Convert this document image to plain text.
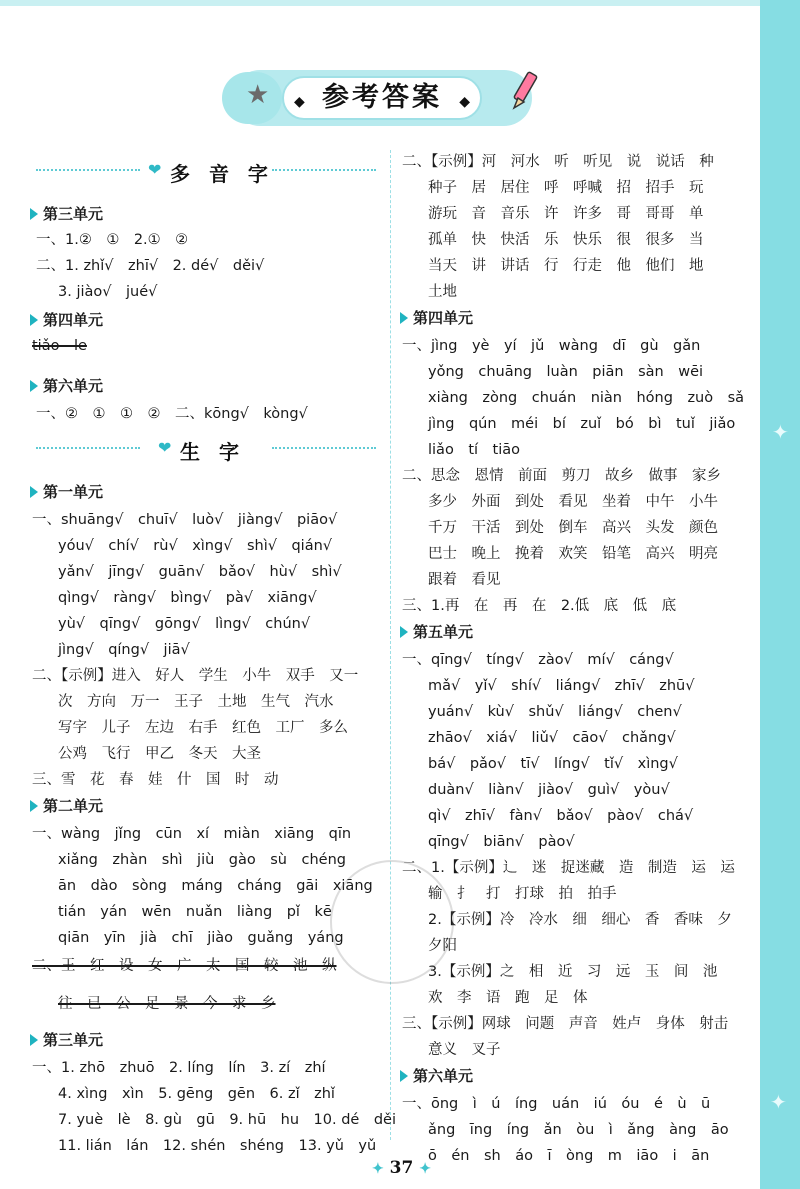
✦
✦
★ ◆ 参考答案 ◆
❤ 多 音 字
❤ 生 字
第三单元
一、1.②　①　2.①　②
二、1. zhǐ√　zhī√　2. dé√　děi√
3. jiào√　jué√
第四单元
tiǎo　le
第六单元
一、②　①　①　②　二、kōng√　kòng√
第一单元
一、shuāng√　chuī√　luò√　jiàng√　piāo√
yóu√　chí√　rù√　xìng√　shì√　qián√
yǎn√　jīng√　guān√　bǎo√　hù√　shì√
qìng√　ràng√　bìng√　pà√　xiāng√
yù√　qīng√　gōng√　lìng√　chún√
jìng√　qíng√　jiā√
二、【示例】进入　好人　学生　小牛　双手　又一
次　方向　万一　王子　土地　生气　汽水
写字　儿子　左边　右手　红色　工厂　多么
公鸡　飞行　甲乙　冬天　大圣
三、雪　花　春　娃　什　国　时　动
第二单元
一、wàng　jǐng　cūn　xí　miàn　xiāng　qīn
xiǎng　zhàn　shì　jiù　gào　sù　chéng
ān　dào　sòng　máng　cháng　gāi　xiāng
tián　yán　wēn　nuǎn　liàng　pǐ　kē
qiān　yīn　jià　chī　jiào　guǎng　yáng
二、王　红　设　女　广　太　国　较　池　纵
往　已　公　足　景　今　求　乡
第三单元
一、1. zhō　zhuō　2. líng　lín　3. zí　zhí
4. xìng　xìn　5. gēng　gēn　6. zǐ　zhǐ
7. yuè　lè　8. gù　gū　9. hū　hu　10. dé　děi
11. lián　lán　12. shén　shéng　13. yǔ　yǔ
二、【示例】河　河水　听　听见　说　说话　种
种子　居　居住　呼　呼喊　招　招手　玩
游玩　音　音乐　许　许多　哥　哥哥　单
孤单　快　快活　乐　快乐　很　很多　当
当天　讲　讲话　行　行走　他　他们　地
土地
第四单元
一、jìng　yè　yí　jǔ　wàng　dī　gù　gǎn
yǒng　chuāng　luàn　piān　sàn　wēi
xiàng　zòng　chuán　niàn　hóng　zuò　sǎ
jìng　qún　méi　bí　zuǐ　bó　bì　tuǐ　jiǎo
liǎo　tí　tiāo
二、思念　恩情　前面　剪刀　故乡　做事　家乡
多少　外面　到处　看见　坐着　中午　小牛
千万　干活　到处　倒车　高兴　头发　颜色
巴士　晚上　挽着　欢笑　铅笔　高兴　明亮
跟着　看见
三、1.再　在　再　在　2.低　底　低　底
第五单元
一、qīng√　tíng√　zào√　mí√　cáng√
mǎ√　yǐ√　shí√　liáng√　zhī√　zhū√
yuán√　kù√　shǔ√　liáng√　chen√
zhāo√　xiá√　liǔ√　cāo√　chǎng√
bá√　pǎo√　tī√　líng√　tǐ√　xìng√
duàn√　liàn√　jiào√　guì√　yòu√
qì√　zhī√　fàn√　bǎo√　pào√　chá√
qīng√　biān√　pào√
二、1.【示例】辶　迷　捉迷藏　造　制造　运　运
输　扌　打　打球　拍　拍手
2.【示例】冷　冷水　细　细心　香　香味　夕
夕阳
3.【示例】之　相　近　习　远　玉　间　池
欢　李　语　跑　足　体
三、【示例】网球　问题　声音　姓卢　身体　射击
意义　叉子
第六单元
一、ōng　ì　ú　íng　uán　iú　óu　é　ù　ū
ǎng　īng　íng　ǎn　òu　ì　ǎng　àng　āo
ō　én　sh　áo　ī　òng　m　iāo　i　ān
✦ 37 ✦
